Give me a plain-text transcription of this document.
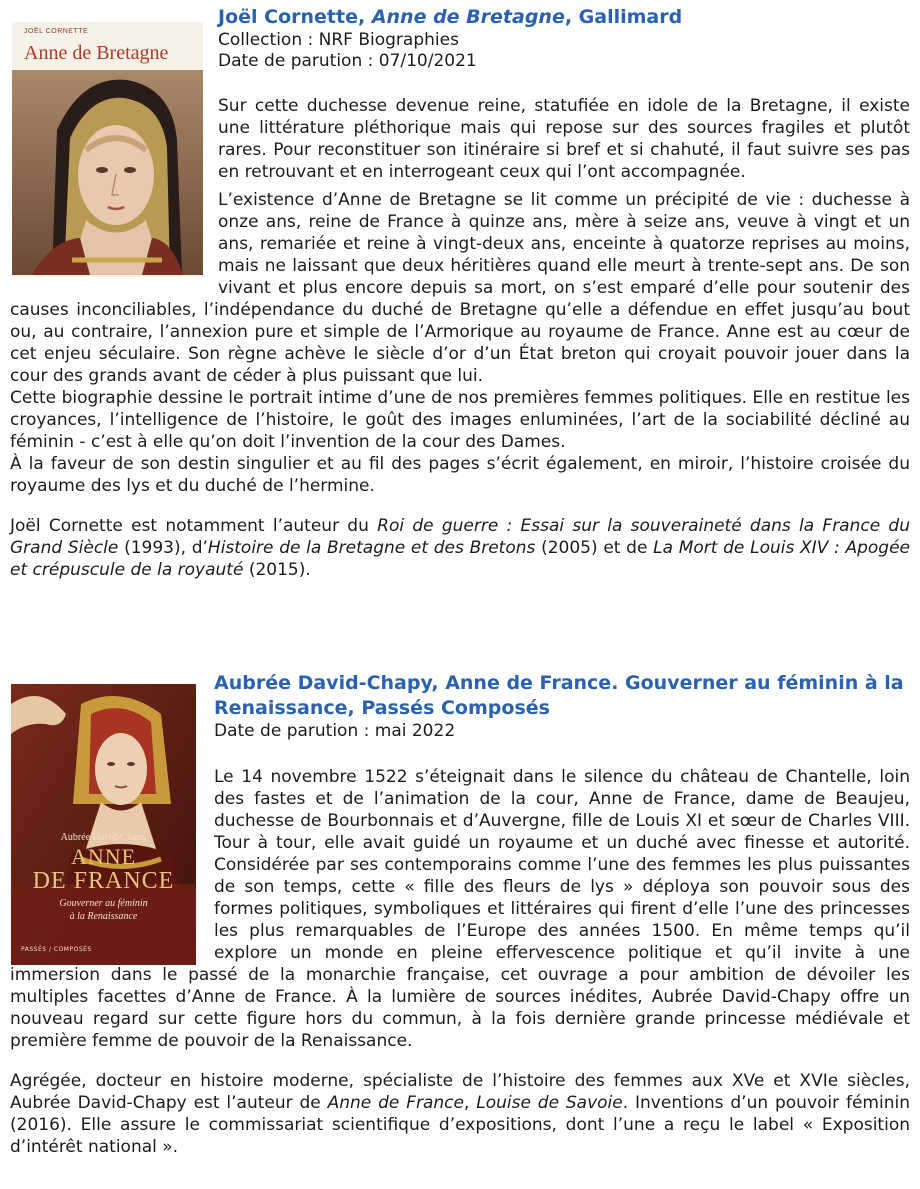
JOËL CORNETTE
Anne de Bretagne
Joël Cornette, Anne de Bretagne, Gallimard
Collection : NRF Biographies
Date de parution : 07/10/2021

Sur cette duchesse devenue reine, statufiée en idole de la Bretagne, il existe une littérature pléthorique mais qui repose sur des sources fragiles et plutôt rares. Pour reconstituer son itinéraire si bref et si chahuté, il faut suivre ses pas en retrouvant et en interrogeant ceux qui l’ont accompagnée.

L’existence d’Anne de Bretagne se lit comme un précipité de vie : duchesse à onze ans, reine de France à quinze ans, mère à seize ans, veuve à vingt et un ans, remariée et reine à vingt-deux ans, enceinte à quatorze reprises au moins, mais ne laissant que deux héritières quand elle meurt à trente-sept ans. De son vivant et plus encore depuis sa mort, on s’est emparé d’elle pour soutenir des causes inconciliables, l’indépendance du duché de Bretagne qu’elle a défendue en effet jusqu’au bout ou, au contraire, l’annexion pure et simple de l’Armorique au royaume de France. Anne est au cœur de cet enjeu séculaire. Son règne achève le siècle d’or d’un État breton qui croyait pouvoir jouer dans la cour des grands avant de céder à plus puissant que lui.

Cette biographie dessine le portrait intime d’une de nos premières femmes politiques. Elle en restitue les croyances, l’intelligence de l’histoire, le goût des images enluminées, l’art de la sociabilité décliné au féminin - c’est à elle qu’on doit l’invention de la cour des Dames.

À la faveur de son destin singulier et au fil des pages s’écrit également, en miroir, l’histoire croisée du royaume des lys et du duché de l’hermine.

Joël Cornette est notamment l’auteur du Roi de guerre : Essai sur la souveraineté dans la France du Grand Siècle (1993), d’Histoire de la Bretagne et des Bretons (2005) et de La Mort de Louis XIV : Apogée et crépuscule de la royauté (2015).

Aubrée David-Chapy
ANNE
DE FRANCE
Gouverner au féminin
à la Renaissance
PASSÉS / COMPOSÉS
Aubrée David-Chapy, Anne de France. Gouverner au féminin à la Renaissance, Passés Composés
Date de parution : mai 2022

Le 14 novembre 1522 s’éteignait dans le silence du château de Chantelle, loin des fastes et de l’animation de la cour, Anne de France, dame de Beaujeu, duchesse de Bourbonnais et d’Auvergne, fille de Louis XI et sœur de Charles VIII. Tour à tour, elle avait guidé un royaume et un duché avec finesse et autorité. Considérée par ses contemporains comme l’une des femmes les plus puissantes de son temps, cette « fille des fleurs de lys » déploya son pouvoir sous des formes politiques, symboliques et littéraires qui firent d’elle l’une des princesses les plus remarquables de l’Europe des années 1500. En même temps qu’il explore un monde en pleine effervescence politique et qu’il invite à une immersion dans le passé de la monarchie française, cet ouvrage a pour ambition de dévoiler les multiples facettes d’Anne de France. À la lumière de sources inédites, Aubrée David-Chapy offre un nouveau regard sur cette figure hors du commun, à la fois dernière grande princesse médiévale et première femme de pouvoir de la Renaissance.

Agrégée, docteur en histoire moderne, spécialiste de l’histoire des femmes aux XVe et XVIe siècles, Aubrée David-Chapy est l’auteur de Anne de France, Louise de Savoie. Inventions d’un pouvoir féminin (2016). Elle assure le commissariat scientifique d’expositions, dont l’une a reçu le label « Exposition d’intérêt national ».
